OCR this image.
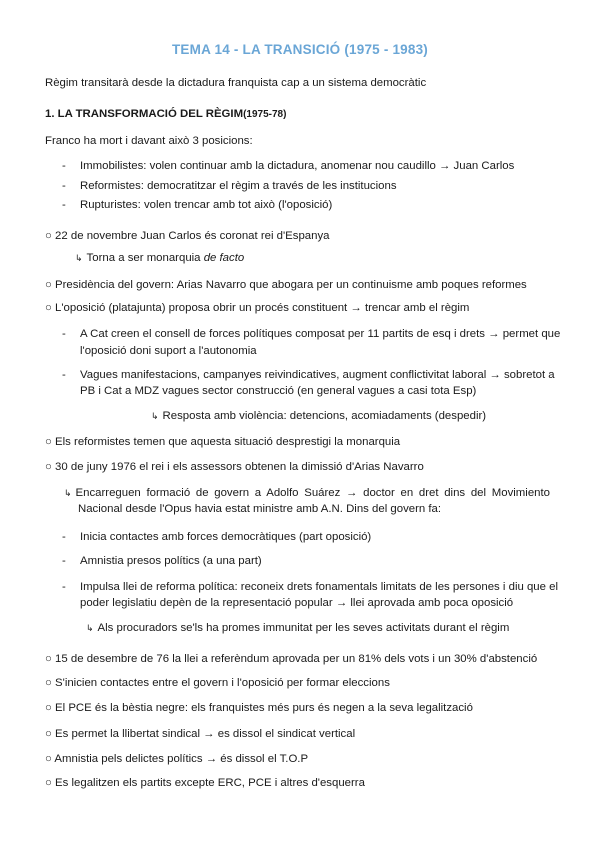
TEMA 14 - LA TRANSICIÓ (1975 - 1983)
Règim transitarà desde la dictadura franquista cap a un sistema democràtic
1. LA TRANSFORMACIÓ DEL RÈGIM(1975-78)
Franco ha mort i davant això 3 posicions:
- Immobilistes: volen continuar amb la dictadura, anomenar nou caudillo → Juan Carlos
- Reformistes: democratitzar el règim a través de les institucions
- Rupturistes: volen trencar amb tot això (l'oposició)
○ 22 de novembre Juan Carlos és coronat rei d'Espanya
↳ Torna a ser monarquia de facto
○ Presidència del govern: Arias Navarro que abogara per un continuisme amb poques reformes
○ L'oposició (platajunta) proposa obrir un procés constituent → trencar amb el règim
- A Cat creen el consell de forces polítiques composat per 11 partits de esq i drets → permet que
l'oposició doni suport a l'autonomia
- Vagues manifestacions, campanyes reivindicatives, augment conflictivitat laboral → sobretot a
PB i Cat a MDZ vagues sector construcció (en general vagues a casi tota Esp)
↳ Resposta amb violència: detencions, acomiadaments (despedir)
○ Els reformistes temen que aquesta situació desprestigi la monarquia
○ 30 de juny 1976 el rei i els assessors obtenen la dimissió d'Arias Navarro
↳ Encarreguen formació de govern a Adolfo Suárez → doctor en dret dins del Movimiento
Nacional desde l'Opus havia estat ministre amb A.N. Dins del govern fa:
- Inicia contactes amb forces democràtiques (part oposició)
- Amnistia presos polítics (a una part)
- Impulsa llei de reforma política: reconeix drets fonamentals limitats de les persones i diu que el
poder legislatiu depèn de la representació popular → llei aprovada amb poca oposició
↳ Als procuradors se'ls ha promes immunitat per les seves activitats durant el règim
○ 15 de desembre de 76 la llei a referèndum aprovada per un 81% dels vots i un 30% d'abstenció
○ S'inicien contactes entre el govern i l'oposició per formar eleccions
○ El PCE és la bèstia negre: els franquistes més purs és negen a la seva legalització
○ Es permet la llibertat sindical → es dissol el sindicat vertical
○ Amnistia pels delictes polítics → és dissol el T.O.P
○ Es legalitzen els partits excepte ERC, PCE i altres d'esquerra
